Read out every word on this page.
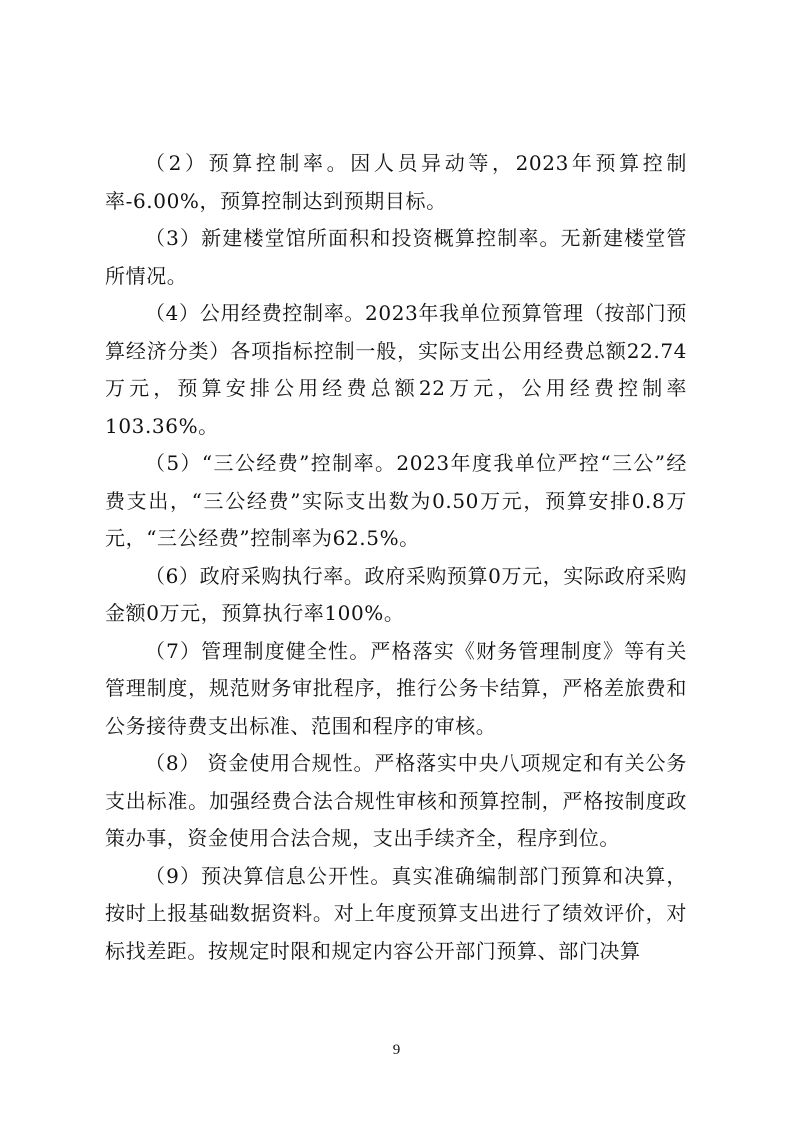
（2）预算控制率。因人员异动等，2023年预算控制率-6.00%，预算控制达到预期目标。

（3）新建楼堂馆所面积和投资概算控制率。无新建楼堂管所情况。

（4）公用经费控制率。2023年我单位预算管理（按部门预算经济分类）各项指标控制一般，实际支出公用经费总额22.74万元，预算安排公用经费总额22万元，公用经费控制率103.36%。

（5）“三公经费”控制率。2023年度我单位严控“三公”经费支出，“三公经费”实际支出数为0.50万元，预算安排0.8万元，“三公经费”控制率为62.5%。

（6）政府采购执行率。政府采购预算0万元，实际政府采购金额0万元，预算执行率100%。

（7）管理制度健全性。严格落实《财务管理制度》等有关管理制度，规范财务审批程序，推行公务卡结算，严格差旅费和公务接待费支出标准、范围和程序的审核。

（8） 资金使用合规性。严格落实中央八项规定和有关公务支出标准。加强经费合法合规性审核和预算控制，严格按制度政策办事，资金使用合法合规，支出手续齐全，程序到位。

（9）预决算信息公开性。真实准确编制部门预算和决算，按时上报基础数据资料。对上年度预算支出进行了绩效评价，对标找差距。按规定时限和规定内容公开部门预算、部门决算

9
